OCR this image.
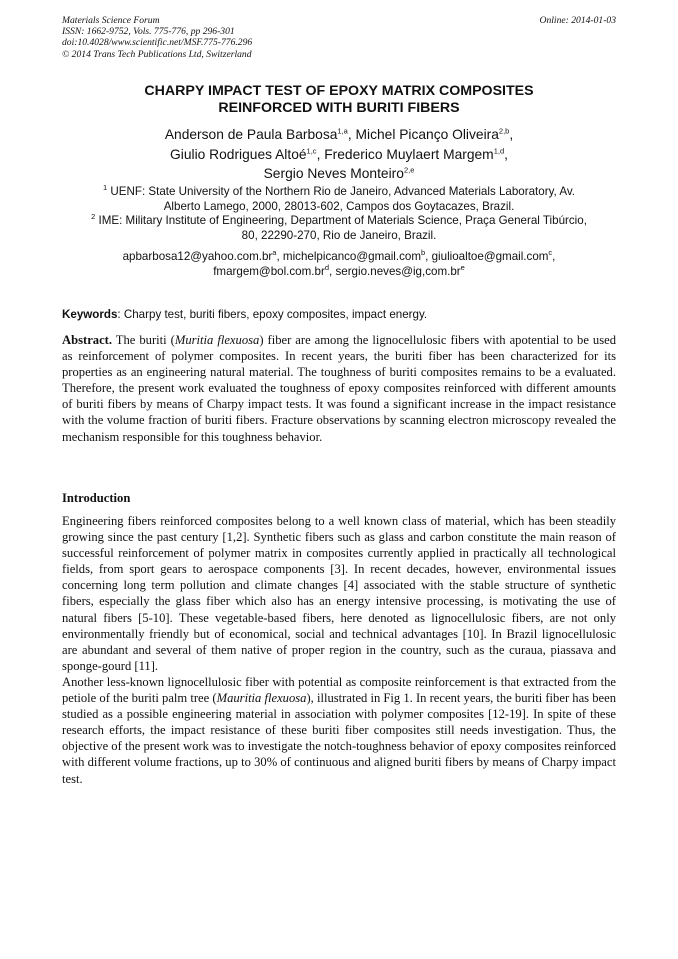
Materials Science Forum
ISSN: 1662-9752, Vols. 775-776, pp 296-301
doi:10.4028/www.scientific.net/MSF.775-776.296
© 2014 Trans Tech Publications Ltd, Switzerland
Online: 2014-01-03
CHARPY IMPACT TEST OF EPOXY MATRIX COMPOSITES
REINFORCED WITH BURITI FIBERS
Anderson de Paula Barbosa$^{1,a}$, Michel Picanço Oliveira$^{2,b}$,
Giulio Rodrigues Altoé$^{1,c}$, Frederico Muylaert Margem$^{1,d}$,
Sergio Neves Monteiro$^{2,e}$
$^1$ UENF: State University of the Northern Rio de Janeiro, Advanced Materials Laboratory, Av.
Alberto Lamego, 2000, 28013-602, Campos dos Goytacazes, Brazil.
$^2$ IME: Military Institute of Engineering, Department of Materials Science, Praça General Tibúrcio,
80, 22290-270, Rio de Janeiro, Brazil.
$apbarbosa12@yahoo.com.br^a$, michelpicanco@gmail.com$^b$, giulioaltoe@gmail.com$^c$,
$fmargem@bol.com.br^d$, $sergio.neves@ig,com.br^e$
Keywords: Charpy test, buriti fibers, epoxy composites, impact energy.
Abstract. The buriti (Muritia flexuosa) fiber are among the lignocellulosic fibers with apotential to be used as reinforcement of polymer composites. In recent years, the buriti fiber has been characterized for its properties as an engineering natural material. The toughness of buriti composites remains to be a evaluated. Therefore, the present work evaluated the toughness of epoxy composites reinforced with different amounts of buriti fibers by means of Charpy impact tests. It was found a significant increase in the impact resistance with the volume fraction of buriti fibers. Fracture observations by scanning electron microscopy revealed the mechanism responsible for this toughness behavior.
Introduction

Engineering fibers reinforced composites belong to a well known class of material, which has been steadily growing since the past century [1,2]. Synthetic fibers such as glass and carbon constitute the main reason of successful reinforcement of polymer matrix in composites currently applied in practically all technological fields, from sport gears to aerospace components [3]. In recent decades, however, environmental issues concerning long term pollution and climate changes [4] associated with the stable structure of synthetic fibers, especially the glass fiber which also has an energy intensive processing, is motivating the use of natural fibers [5-10]. These vegetable-based fibers, here denoted as lignocellulosic fibers, are not only environmentally friendly but of economical, social and technical advantages [10]. In Brazil lignocellulosic are abundant and several of them native of proper region in the country, such as the curaua, piassava and sponge-gourd [11].

Another less-known lignocellulosic fiber with potential as composite reinforcement is that extracted from the petiole of the buriti palm tree (Mauritia flexuosa), illustrated in Fig 1. In recent years, the buriti fiber has been studied as a possible engineering material in association with polymer composites [12-19]. In spite of these research efforts, the impact resistance of these buriti fiber composites still needs investigation. Thus, the objective of the present work was to investigate the notch-toughness behavior of epoxy composites reinforced with different volume fractions, up to 30% of continuous and aligned buriti fibers by means of Charpy impact test.
